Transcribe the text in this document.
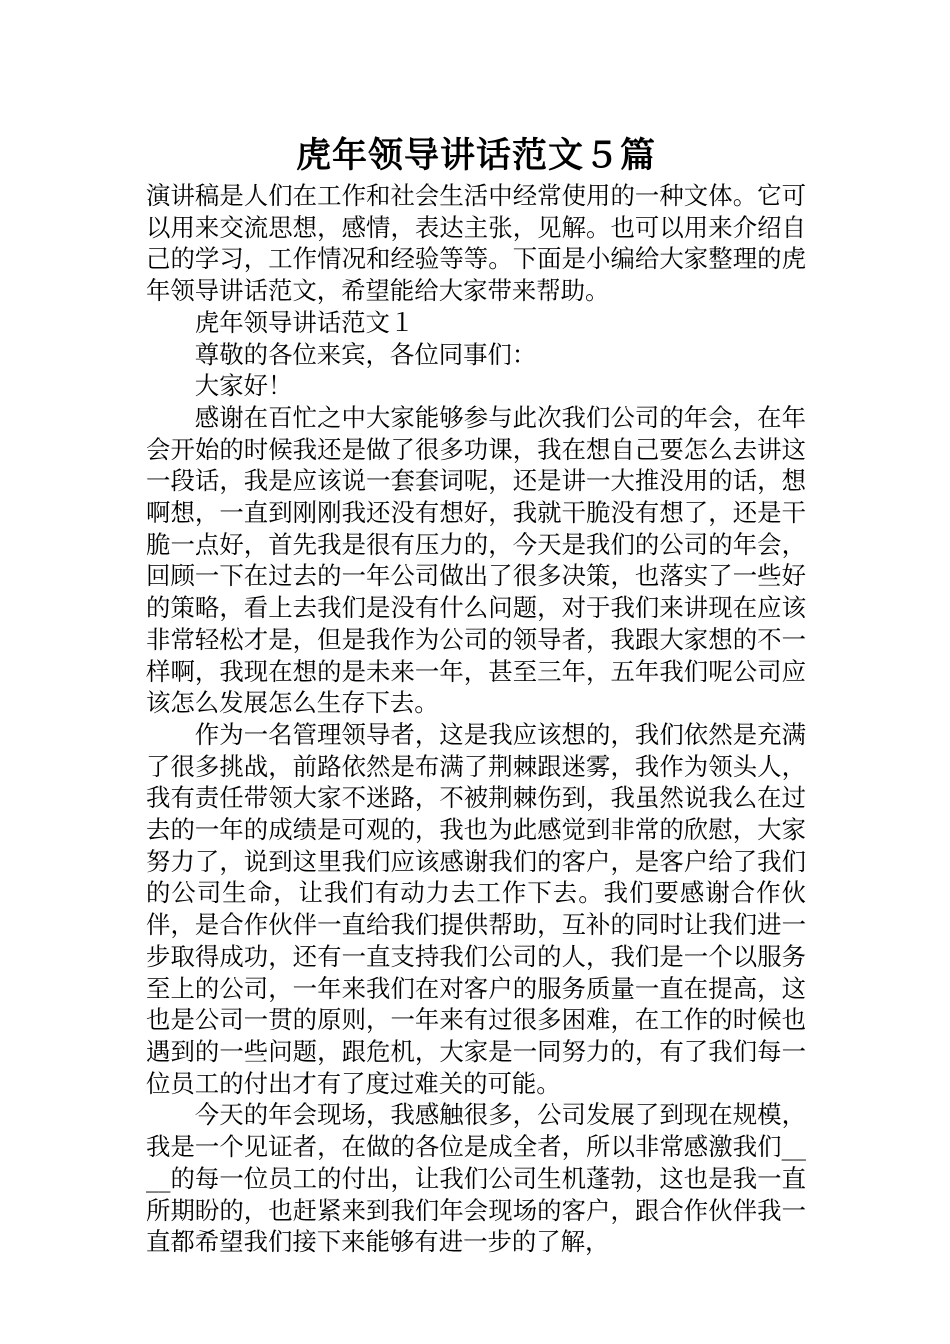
虎年领导讲话范文５篇

演讲稿是人们在工作和社会生活中经常使用的一种文体。它可以用来交流思想，感情，表达主张，见解。也可以用来介绍自己的学习，工作情况和经验等等。下面是小编给大家整理的虎年领导讲话范文，希望能给大家带来帮助。

虎年领导讲话范文１

尊敬的各位来宾，各位同事们：

大家好！

感谢在百忙之中大家能够参与此次我们公司的年会，在年会开始的时候我还是做了很多功课，我在想自己要怎么去讲这一段话，我是应该说一套套词呢，还是讲一大推没用的话，想啊想，一直到刚刚我还没有想好，我就干脆没有想了，还是干脆一点好，首先我是很有压力的，今天是我们的公司的年会，回顾一下在过去的一年公司做出了很多决策，也落实了一些好的策略，看上去我们是没有什么问题，对于我们来讲现在应该非常轻松才是，但是我作为公司的领导者，我跟大家想的不一样啊，我现在想的是未来一年，甚至三年，五年我们呢公司应该怎么发展怎么生存下去。

作为一名管理领导者，这是我应该想的，我们依然是充满了很多挑战，前路依然是布满了荆棘跟迷雾，我作为领头人，我有责任带领大家不迷路，不被荆棘伤到，我虽然说我么在过去的一年的成绩是可观的，我也为此感觉到非常的欣慰，大家努力了，说到这里我们应该感谢我们的客户，是客户给了我们的公司生命，让我们有动力去工作下去。我们要感谢合作伙伴，是合作伙伴一直给我们提供帮助，互补的同时让我们进一步取得成功，还有一直支持我们公司的人，我们是一个以服务至上的公司，一年来我们在对客户的服务质量一直在提高，这也是公司一贯的原则，一年来有过很多困难，在工作的时候也遇到的一些问题，跟危机，大家是一同努力的，有了我们每一位员工的付出才有了度过难关的可能。

今天的年会现场，我感触很多，公司发展了到现在规模，我是一个见证者，在做的各位是成全者，所以非常感激我们____的每一位员工的付出，让我们公司生机蓬勃，这也是我一直所期盼的，也赶紧来到我们年会现场的客户，跟合作伙伴我一直都希望我们接下来能够有进一步的了解，
